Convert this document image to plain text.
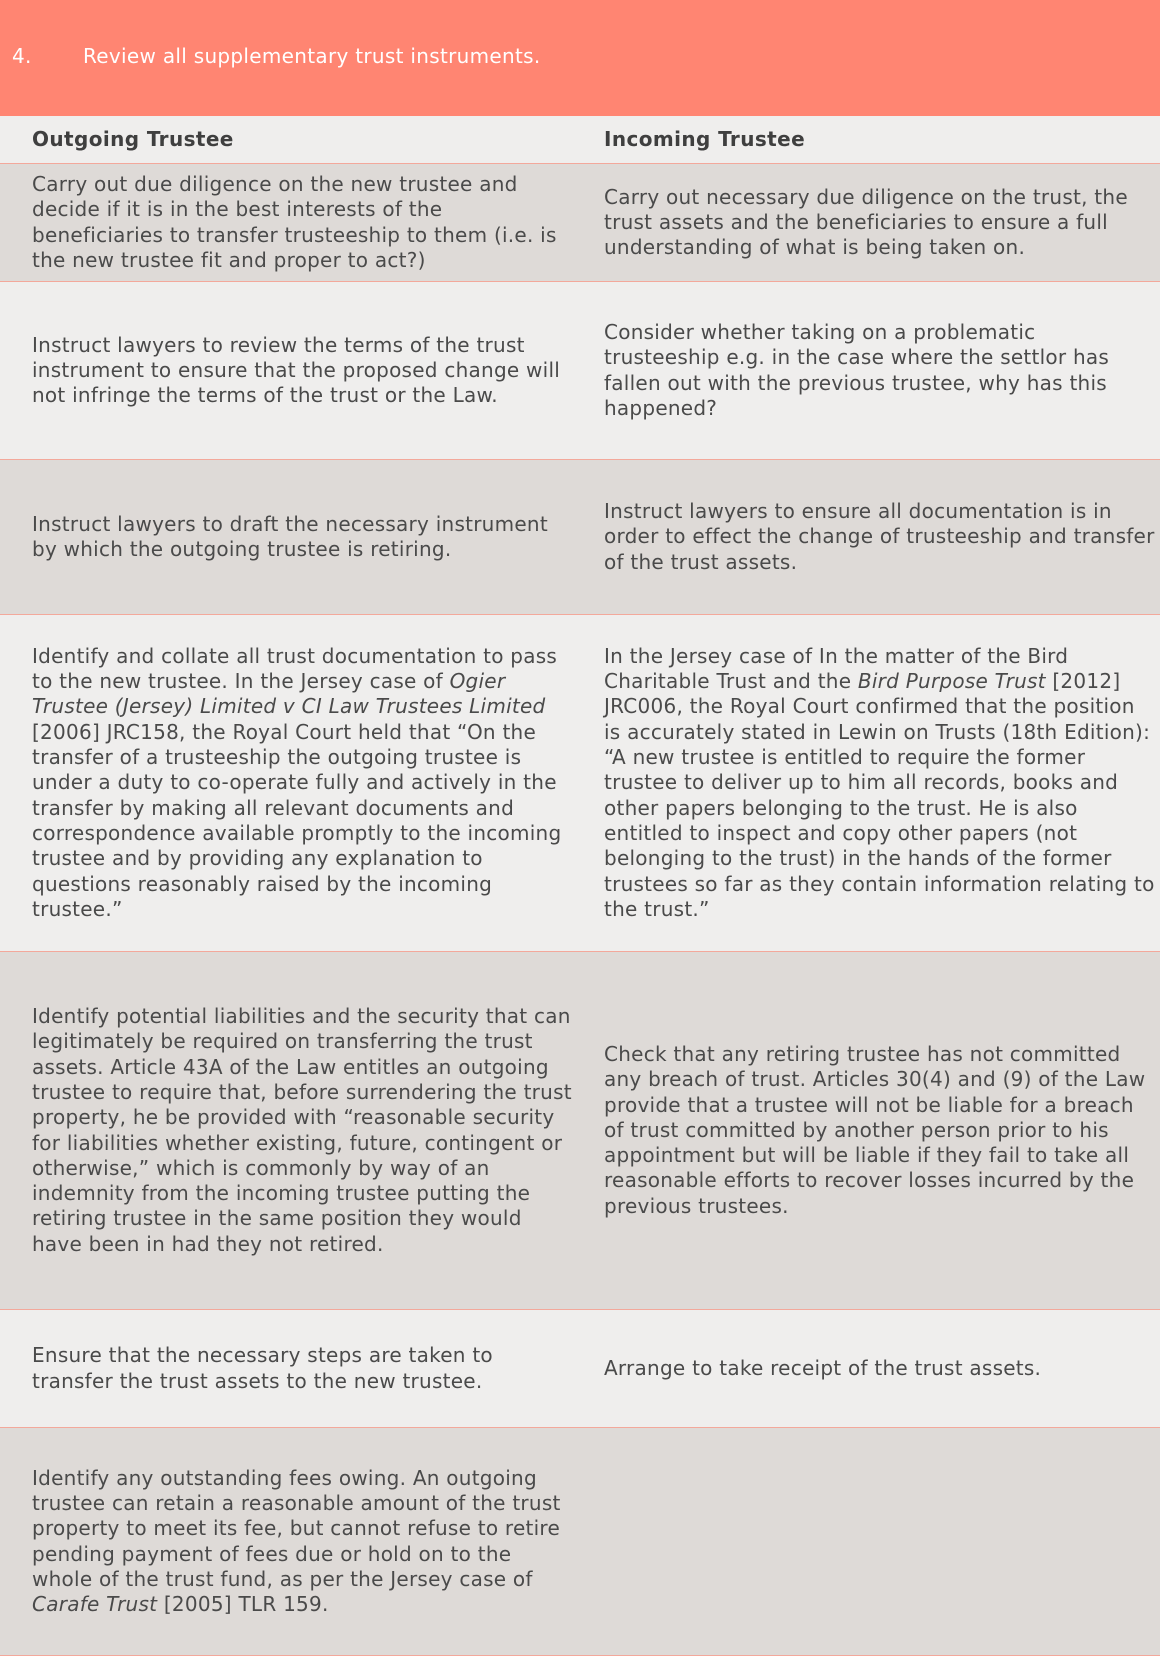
4.	Review all supplementary trust instruments.
Outgoing Trustee	Incoming Trustee
Carry out due diligence on the new trustee and decide if it is in the best interests of the beneficiaries to transfer trusteeship to them (i.e. is the new trustee fit and proper to act?)
Carry out necessary due diligence on the trust, the trust assets and the beneficiaries to ensure a full understanding of what is being taken on.
Instruct lawyers to review the terms of the trust instrument to ensure that the proposed change will not infringe the terms of the trust or the Law.
Consider whether taking on a problematic trusteeship e.g. in the case where the settlor has fallen out with the previous trustee, why has this happened?
Instruct lawyers to draft the necessary instrument by which the outgoing trustee is retiring.
Instruct lawyers to ensure all documentation is in order to effect the change of trusteeship and transfer of the trust assets.
Identify and collate all trust documentation to pass to the new trustee. In the Jersey case of Ogier Trustee (Jersey) Limited v CI Law Trustees Limited [2006] JRC158, the Royal Court held that “On the transfer of a trusteeship the outgoing trustee is under a duty to co-operate fully and actively in the transfer by making all relevant documents and correspondence available promptly to the incoming trustee and by providing any explanation to questions reasonably raised by the incoming trustee.”
In the Jersey case of In the matter of the Bird Charitable Trust and the Bird Purpose Trust [2012] JRC006, the Royal Court confirmed that the position is accurately stated in Lewin on Trusts (18th Edition): “A new trustee is entitled to require the former trustee to deliver up to him all records, books and other papers belonging to the trust. He is also entitled to inspect and copy other papers (not belonging to the trust) in the hands of the former trustees so far as they contain information relating to the trust.”
Identify potential liabilities and the security that can legitimately be required on transferring the trust assets. Article 43A of the Law entitles an outgoing trustee to require that, before surrendering the trust property, he be provided with “reasonable security for liabilities whether existing, future, contingent or otherwise,” which is commonly by way of an indemnity from the incoming trustee putting the retiring trustee in the same position they would have been in had they not retired.
Check that any retiring trustee has not committed any breach of trust. Articles 30(4) and (9) of the Law provide that a trustee will not be liable for a breach of trust committed by another person prior to his appointment but will be liable if they fail to take all reasonable efforts to recover losses incurred by the previous trustees.
Ensure that the necessary steps are taken to transfer the trust assets to the new trustee.
Arrange to take receipt of the trust assets.
Identify any outstanding fees owing. An outgoing trustee can retain a reasonable amount of the trust property to meet its fee, but cannot refuse to retire pending payment of fees due or hold on to the whole of the trust fund, as per the Jersey case of Carafe Trust [2005] TLR 159.
